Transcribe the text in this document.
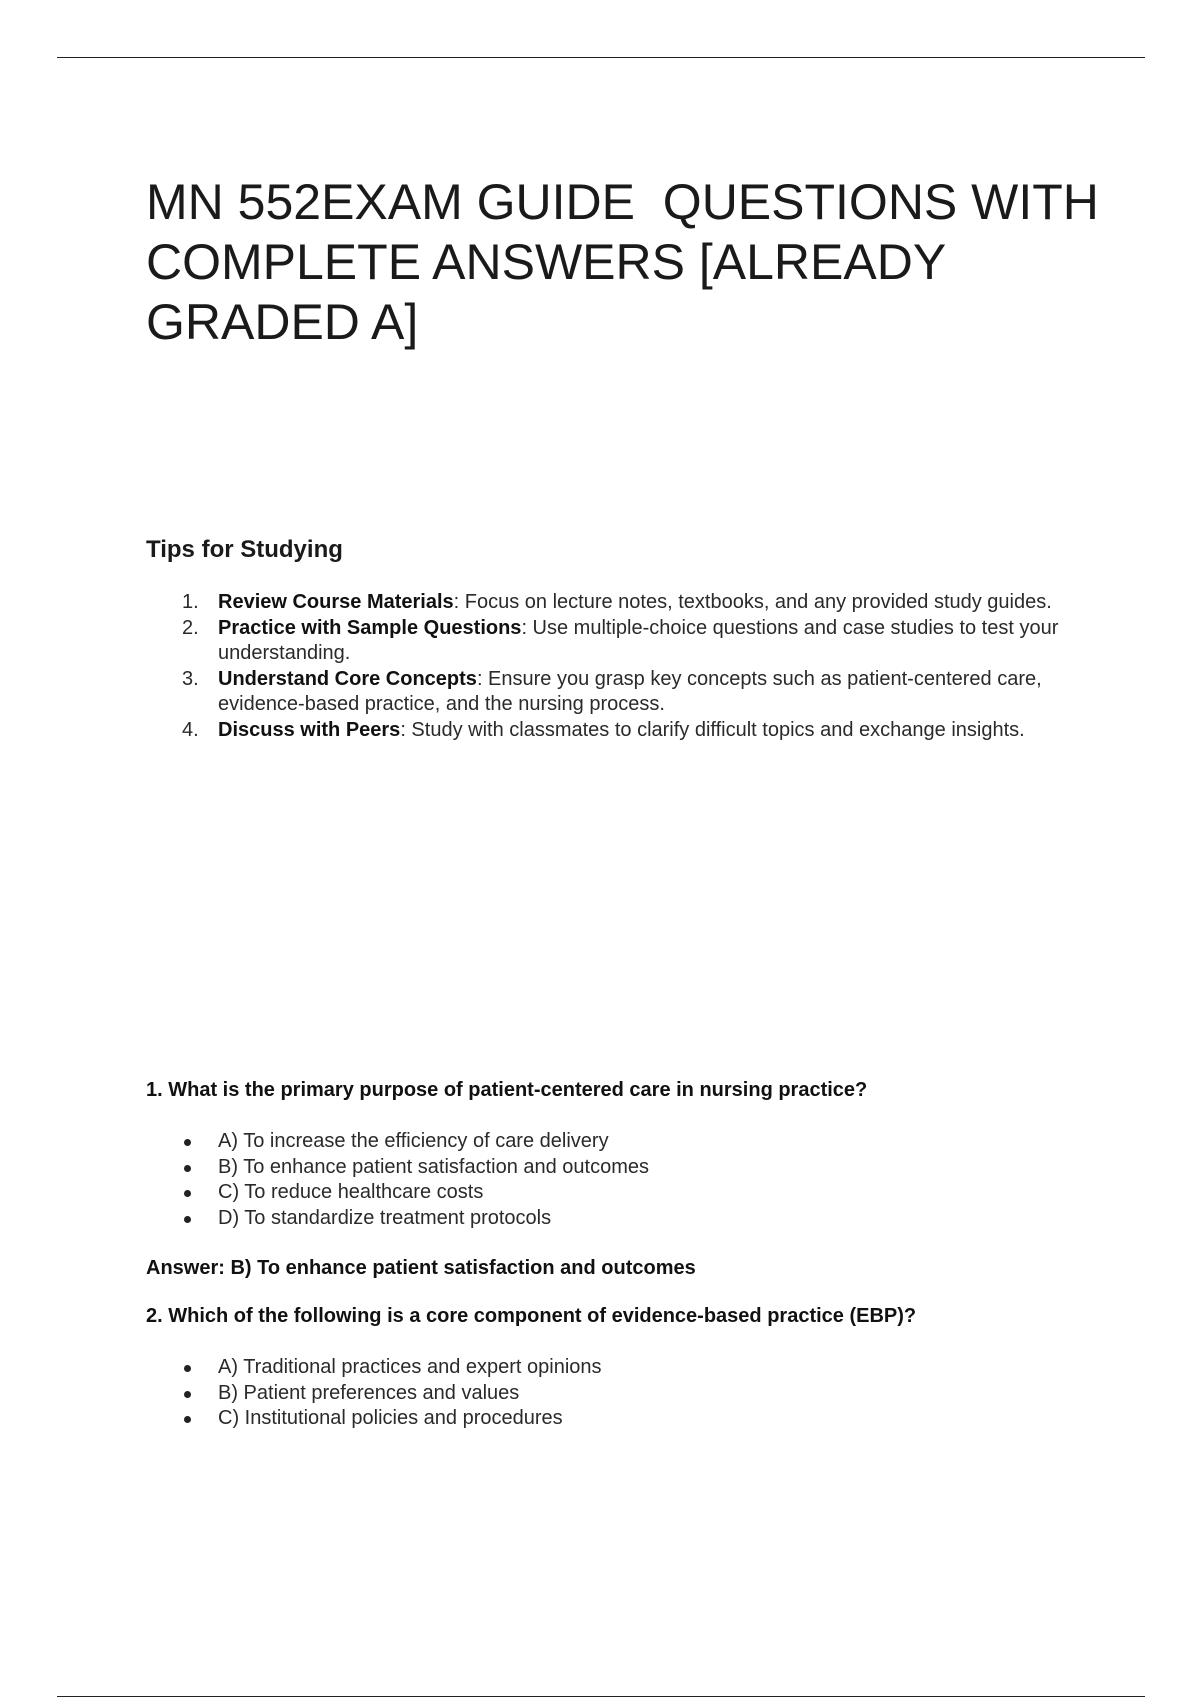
MN 552EXAM GUIDE  QUESTIONS WITH COMPLETE ANSWERS [ALREADY GRADED A]
Tips for Studying
1. Review Course Materials: Focus on lecture notes, textbooks, and any provided study guides.
2. Practice with Sample Questions: Use multiple-choice questions and case studies to test your understanding.
3. Understand Core Concepts: Ensure you grasp key concepts such as patient-centered care, evidence-based practice, and the nursing process.
4. Discuss with Peers: Study with classmates to clarify difficult topics and exchange insights.

1. What is the primary purpose of patient-centered care in nursing practice?

A) To increase the efficiency of care delivery
B) To enhance patient satisfaction and outcomes
C) To reduce healthcare costs
D) To standardize treatment protocols

Answer: B) To enhance patient satisfaction and outcomes

2. Which of the following is a core component of evidence-based practice (EBP)?

A) Traditional practices and expert opinions
B) Patient preferences and values
C) Institutional policies and procedures
